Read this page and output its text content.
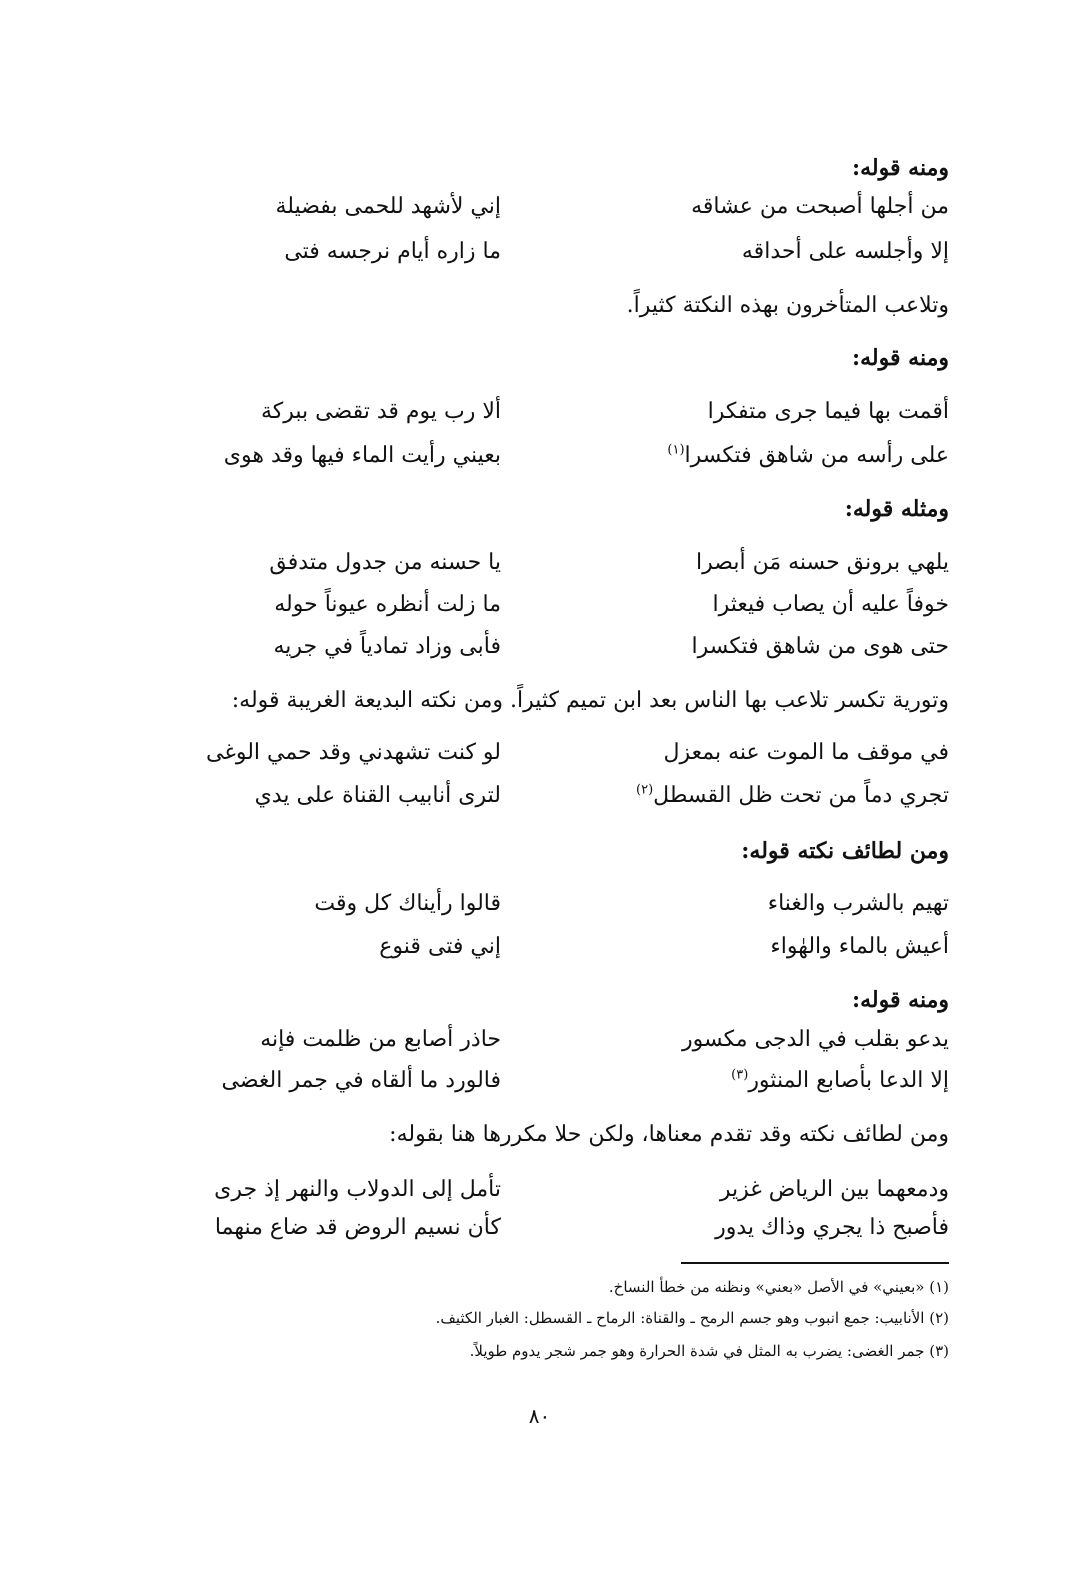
ومنه قوله:
إني لأشهد للحمى بفضيلة	من أجلها أصبحت من عشاقه
ما زاره أيام نرجسه فتى	إلا وأجلسه على أحداقه
وتلاعب المتأخرون بهذه النكتة كثيراً.
ومنه قوله:
ألا رب يوم قد تقضى ببركة	أقمت بها فيما جرى متفكرا
بعيني رأيت الماء فيها وقد هوى	على رأسه من شاهق فتكسرا$^{(١)}$
ومثله قوله:
يا حسنه من جدول متدفق	يلهي برونق حسنه مَن أبصرا
ما زلت أنظره عيوناً حوله	خوفاً عليه أن يصاب فيعثرا
فأبى وزاد تمادياً في جريه	حتى هوى من شاهق فتكسرا
وتورية تكسر تلاعب بها الناس بعد ابن تميم كثيراً. ومن نكته البديعة الغريبة قوله:
لو كنت تشهدني وقد حمي الوغى	في موقف ما الموت عنه بمعزل
لترى أنابيب القناة على يدي	تجري دماً من تحت ظل القسطل$^{(٢)}$
ومن لطائف نكته قوله:
قالوا رأيناك كل وقت	تهيم بالشرب والغناء
إني فتى قنوع	أعيش بالماء والهٰواء
ومنه قوله:
حاذر أصابع من ظلمت فإنه	يدعو بقلب في الدجى مكسور
فالورد ما ألقاه في جمر الغضى	إلا الدعا بأصابع المنثور$^{(٣)}$
ومن لطائف نكته وقد تقدم معناها، ولكن حلا مكررها هنا بقوله:
تأمل إلى الدولاب والنهر إذ جرى	ودمعهما بين الرياض غزير
كأن نسيم الروض قد ضاع منهما	فأصبح ذا يجري وذاك يدور
(١) «بعيني» في الأصل «بعني» ونظنه من خطأ النساخ.
(٢) الأنابيب: جمع انبوب وهو جسم الرمح ـ والقناة: الرماح ـ القسطل: الغبار الكثيف.
(٣) جمر الغضى: يضرب به المثل في شدة الحرارة وهو جمر شجر يدوم طويلاً.
٨٠
